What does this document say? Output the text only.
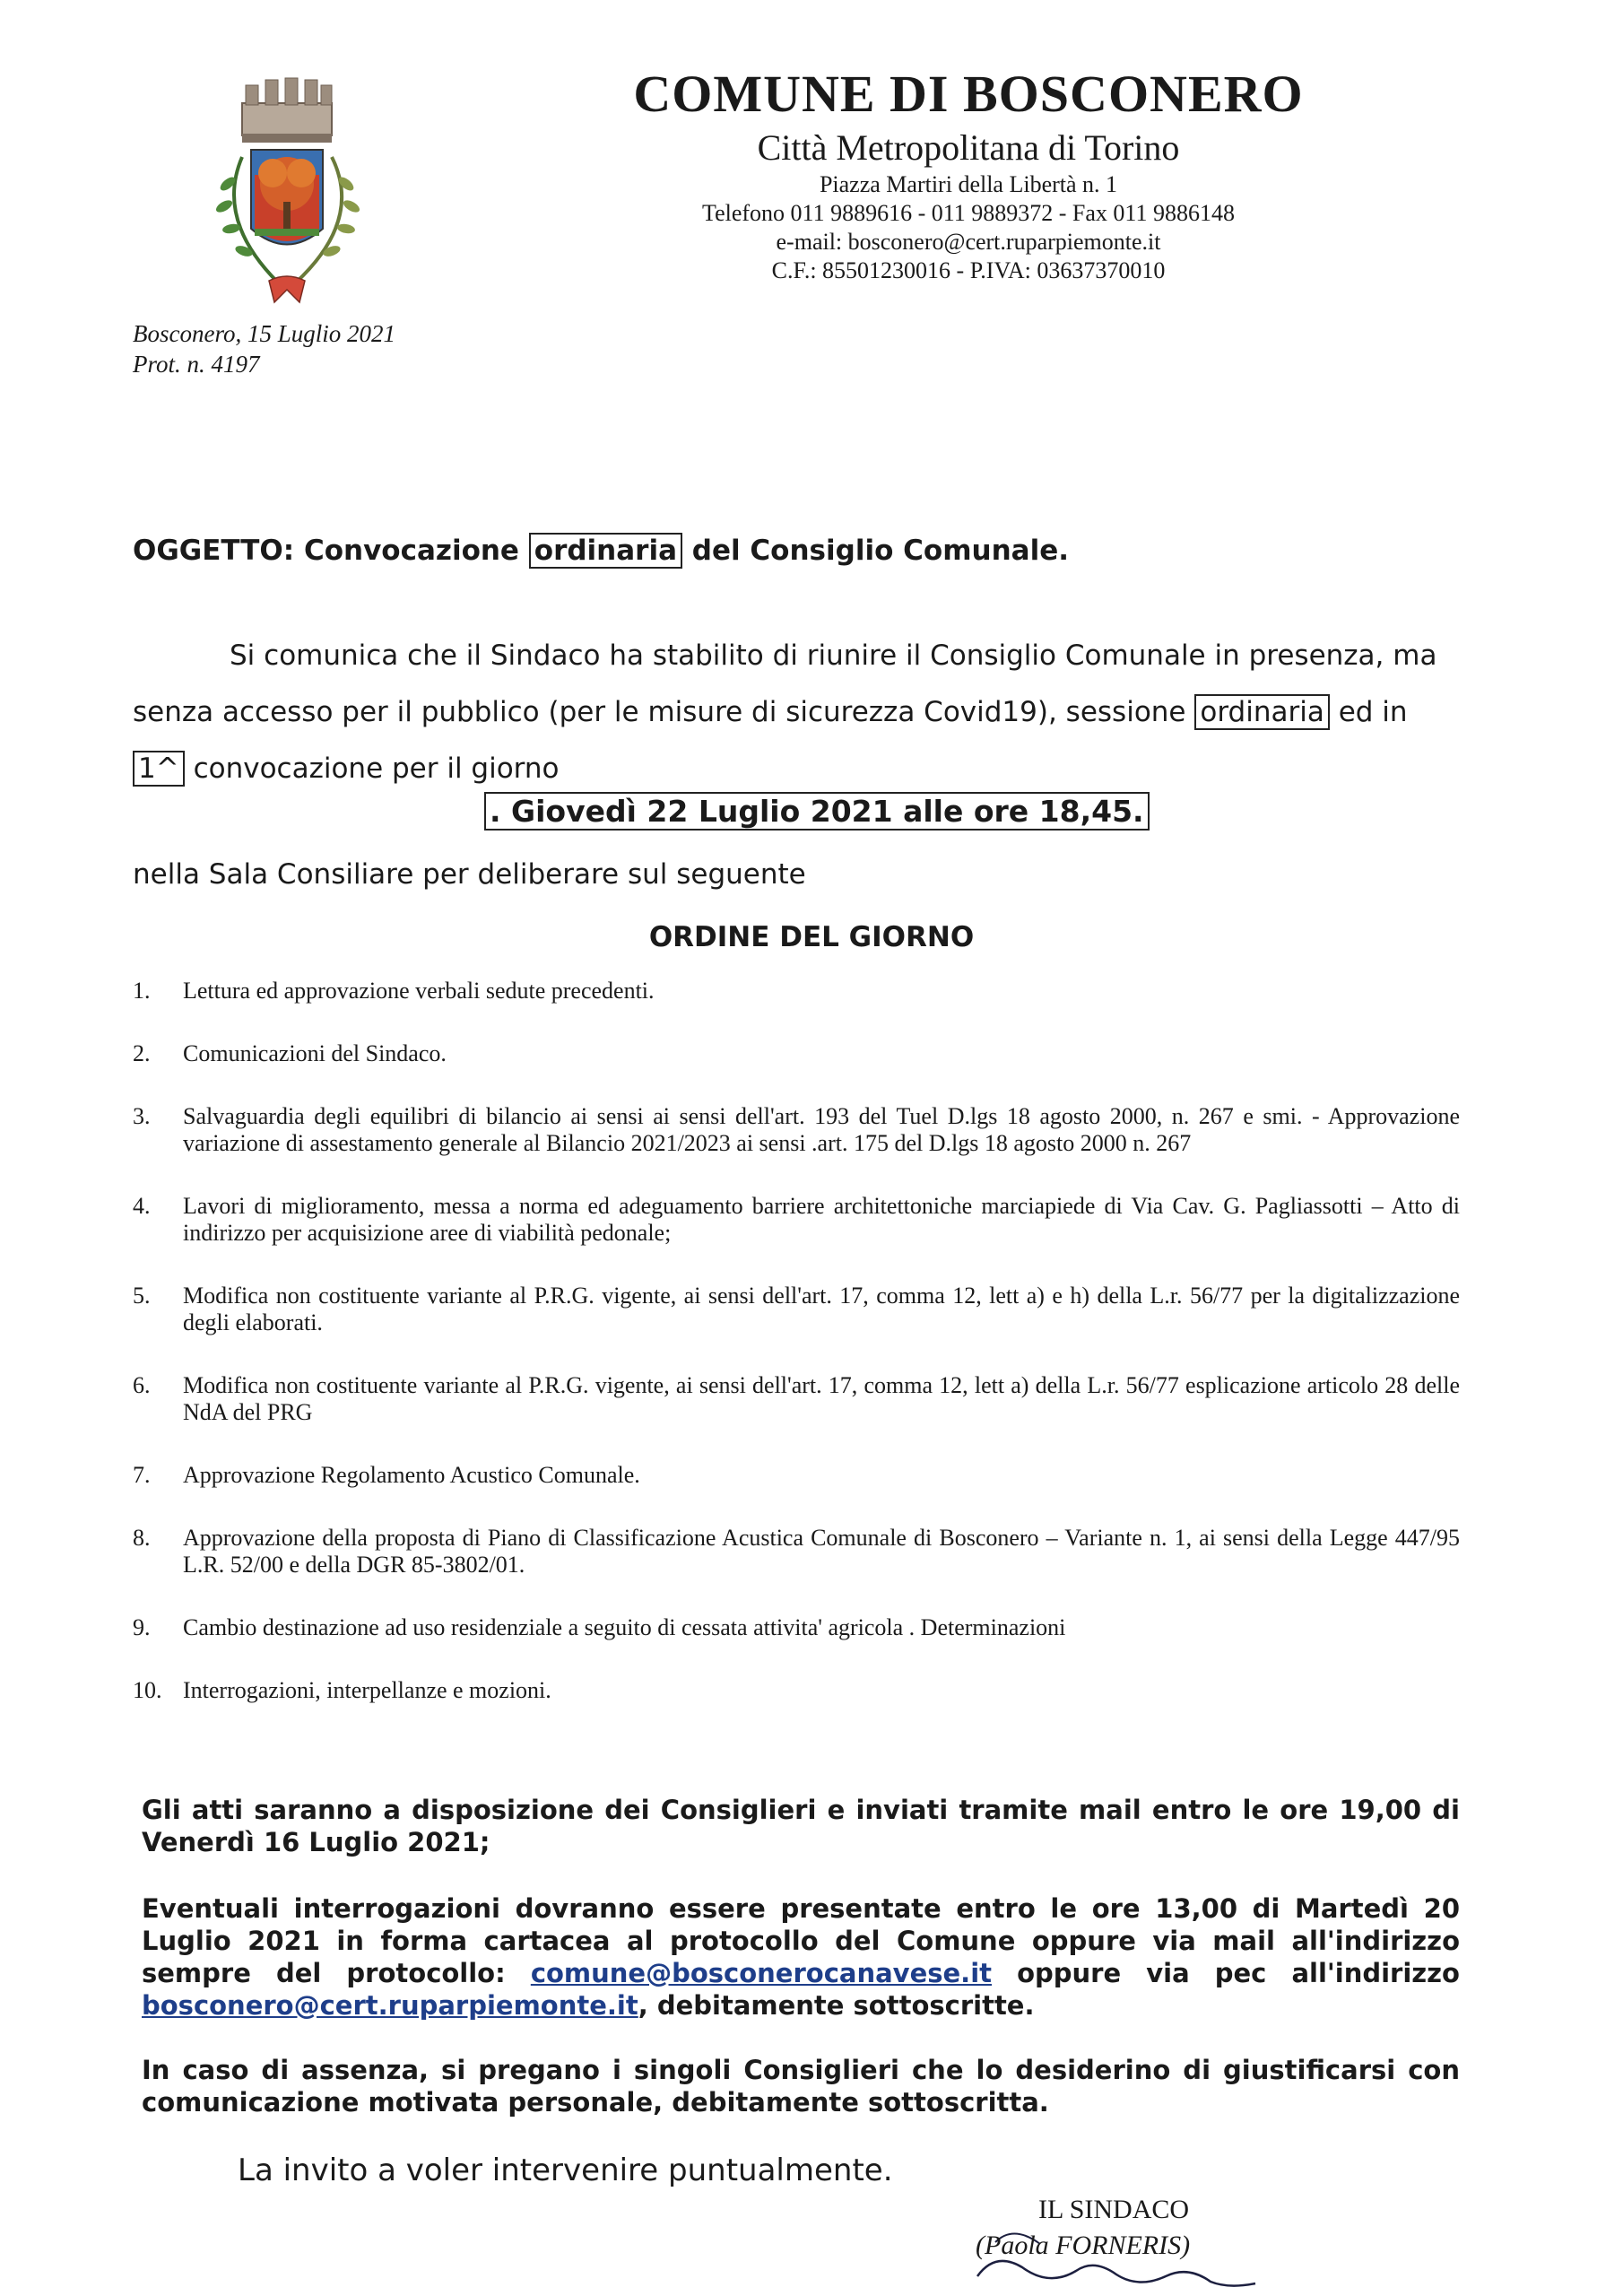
COMUNE DI BOSCONERO
Città Metropolitana di Torino
Piazza Martiri della Libertà n. 1
Telefono 011 9889616 - 011 9889372 - Fax 011 9886148
e-mail: bosconero@cert.ruparpiemonte.it
C.F.: 85501230016 - P.IVA: 03637370010
Bosconero, 15 Luglio 2021
Prot. n. 4197
OGGETTO: Convocazione ordinaria del Consiglio Comunale.
Si comunica che il Sindaco ha stabilito di riunire il Consiglio Comunale in presenza, ma senza accesso per il pubblico (per le misure di sicurezza Covid19), sessione ordinaria ed in 1^ convocazione per il giorno
. Giovedì 22 Luglio 2021 alle ore 18,45.
nella Sala Consiliare per deliberare sul seguente
ORDINE DEL GIORNO
1.	Lettura ed approvazione verbali sedute precedenti.
2.	Comunicazioni del Sindaco.
3.	Salvaguardia degli equilibri di bilancio ai sensi ai sensi dell'art. 193 del Tuel D.lgs 18 agosto 2000, n. 267 e smi. - Approvazione variazione di assestamento generale al Bilancio 2021/2023 ai sensi .art. 175 del D.lgs 18 agosto 2000 n. 267
4.	Lavori di miglioramento, messa a norma ed adeguamento barriere architettoniche marciapiede di Via Cav. G. Pagliassotti – Atto di indirizzo per acquisizione aree di viabilità pedonale;
5.	Modifica non costituente variante al P.R.G. vigente, ai sensi dell'art. 17, comma 12, lett a) e h) della L.r. 56/77 per la digitalizzazione degli elaborati.
6.	Modifica non costituente variante al P.R.G. vigente, ai sensi dell'art. 17, comma 12, lett a) della L.r. 56/77 esplicazione articolo 28 delle NdA del PRG
7.	Approvazione Regolamento Acustico Comunale.
8.	Approvazione della proposta di Piano di Classificazione Acustica Comunale di Bosconero – Variante n. 1, ai sensi della Legge 447/95 L.R. 52/00 e della DGR 85-3802/01.
9.	Cambio destinazione ad uso residenziale a seguito di cessata attivita' agricola . Determinazioni
10. Interrogazioni, interpellanze e mozioni.
Gli atti saranno a disposizione dei Consiglieri e inviati tramite mail entro le ore 19,00 di Venerdì 16 Luglio 2021;
Eventuali interrogazioni dovranno essere presentate entro le ore 13,00 di Martedì 20 Luglio 2021 in forma cartacea al protocollo del Comune oppure via mail all'indirizzo sempre del protocollo: comune@bosconerocanavese.it oppure via pec all'indirizzo bosconero@cert.ruparpiemonte.it, debitamente sottoscritte.
In caso di assenza, si pregano i singoli Consiglieri che lo desiderino di giustificarsi con comunicazione motivata personale, debitamente sottoscritta.
La invito a voler intervenire puntualmente.
IL SINDACO
(Paola FORNERIS)
